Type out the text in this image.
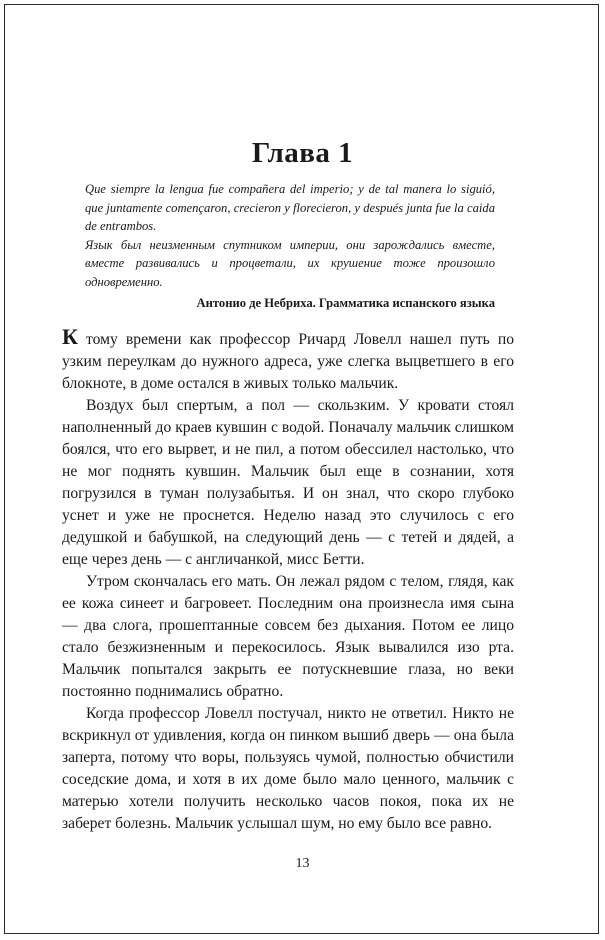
Глава 1

Que siempre la lengua fue compañera del imperio; y de tal manera lo siguió, que juntamente començaron, crecieron y florecieron, y después junta fue la caida de entrambos.

Язык был неизменным спутником империи, они зарождались вместе, вместе развивались и процветали, их крушение тоже произошло одновременно.

Антонио де Небриха. Грамматика испанского языка

К тому времени как профессор Ричард Ловелл нашел путь по узким переулкам до нужного адреса, уже слегка выцветшего в его блокноте, в доме остался в живых только мальчик.

Воздух был спертым, а пол — скользким. У кровати стоял наполненный до краев кувшин с водой. Поначалу мальчик слишком боялся, что его вырвет, и не пил, а потом обессилел настолько, что не мог поднять кувшин. Мальчик был еще в сознании, хотя погрузился в туман полузабытья. И он знал, что скоро глубоко уснет и уже не проснется. Неделю назад это случилось с его дедушкой и бабушкой, на следующий день — с тетей и дядей, а еще через день — с англичанкой, мисс Бетти.

Утром скончалась его мать. Он лежал рядом с телом, глядя, как ее кожа синеет и багровеет. Последним она произнесла имя сына — два слога, прошептанные совсем без дыхания. Потом ее лицо стало безжизненным и перекосилось. Язык вывалился изо рта. Мальчик попытался закрыть ее потускневшие глаза, но веки постоянно поднимались обратно.

Когда профессор Ловелл постучал, никто не ответил. Никто не вскрикнул от удивления, когда он пинком вышиб дверь — она была заперта, потому что воры, пользуясь чумой, полностью обчистили соседские дома, и хотя в их доме было мало ценного, мальчик с матерью хотели получить несколько часов покоя, пока их не заберет болезнь. Мальчик услышал шум, но ему было все равно.

13
